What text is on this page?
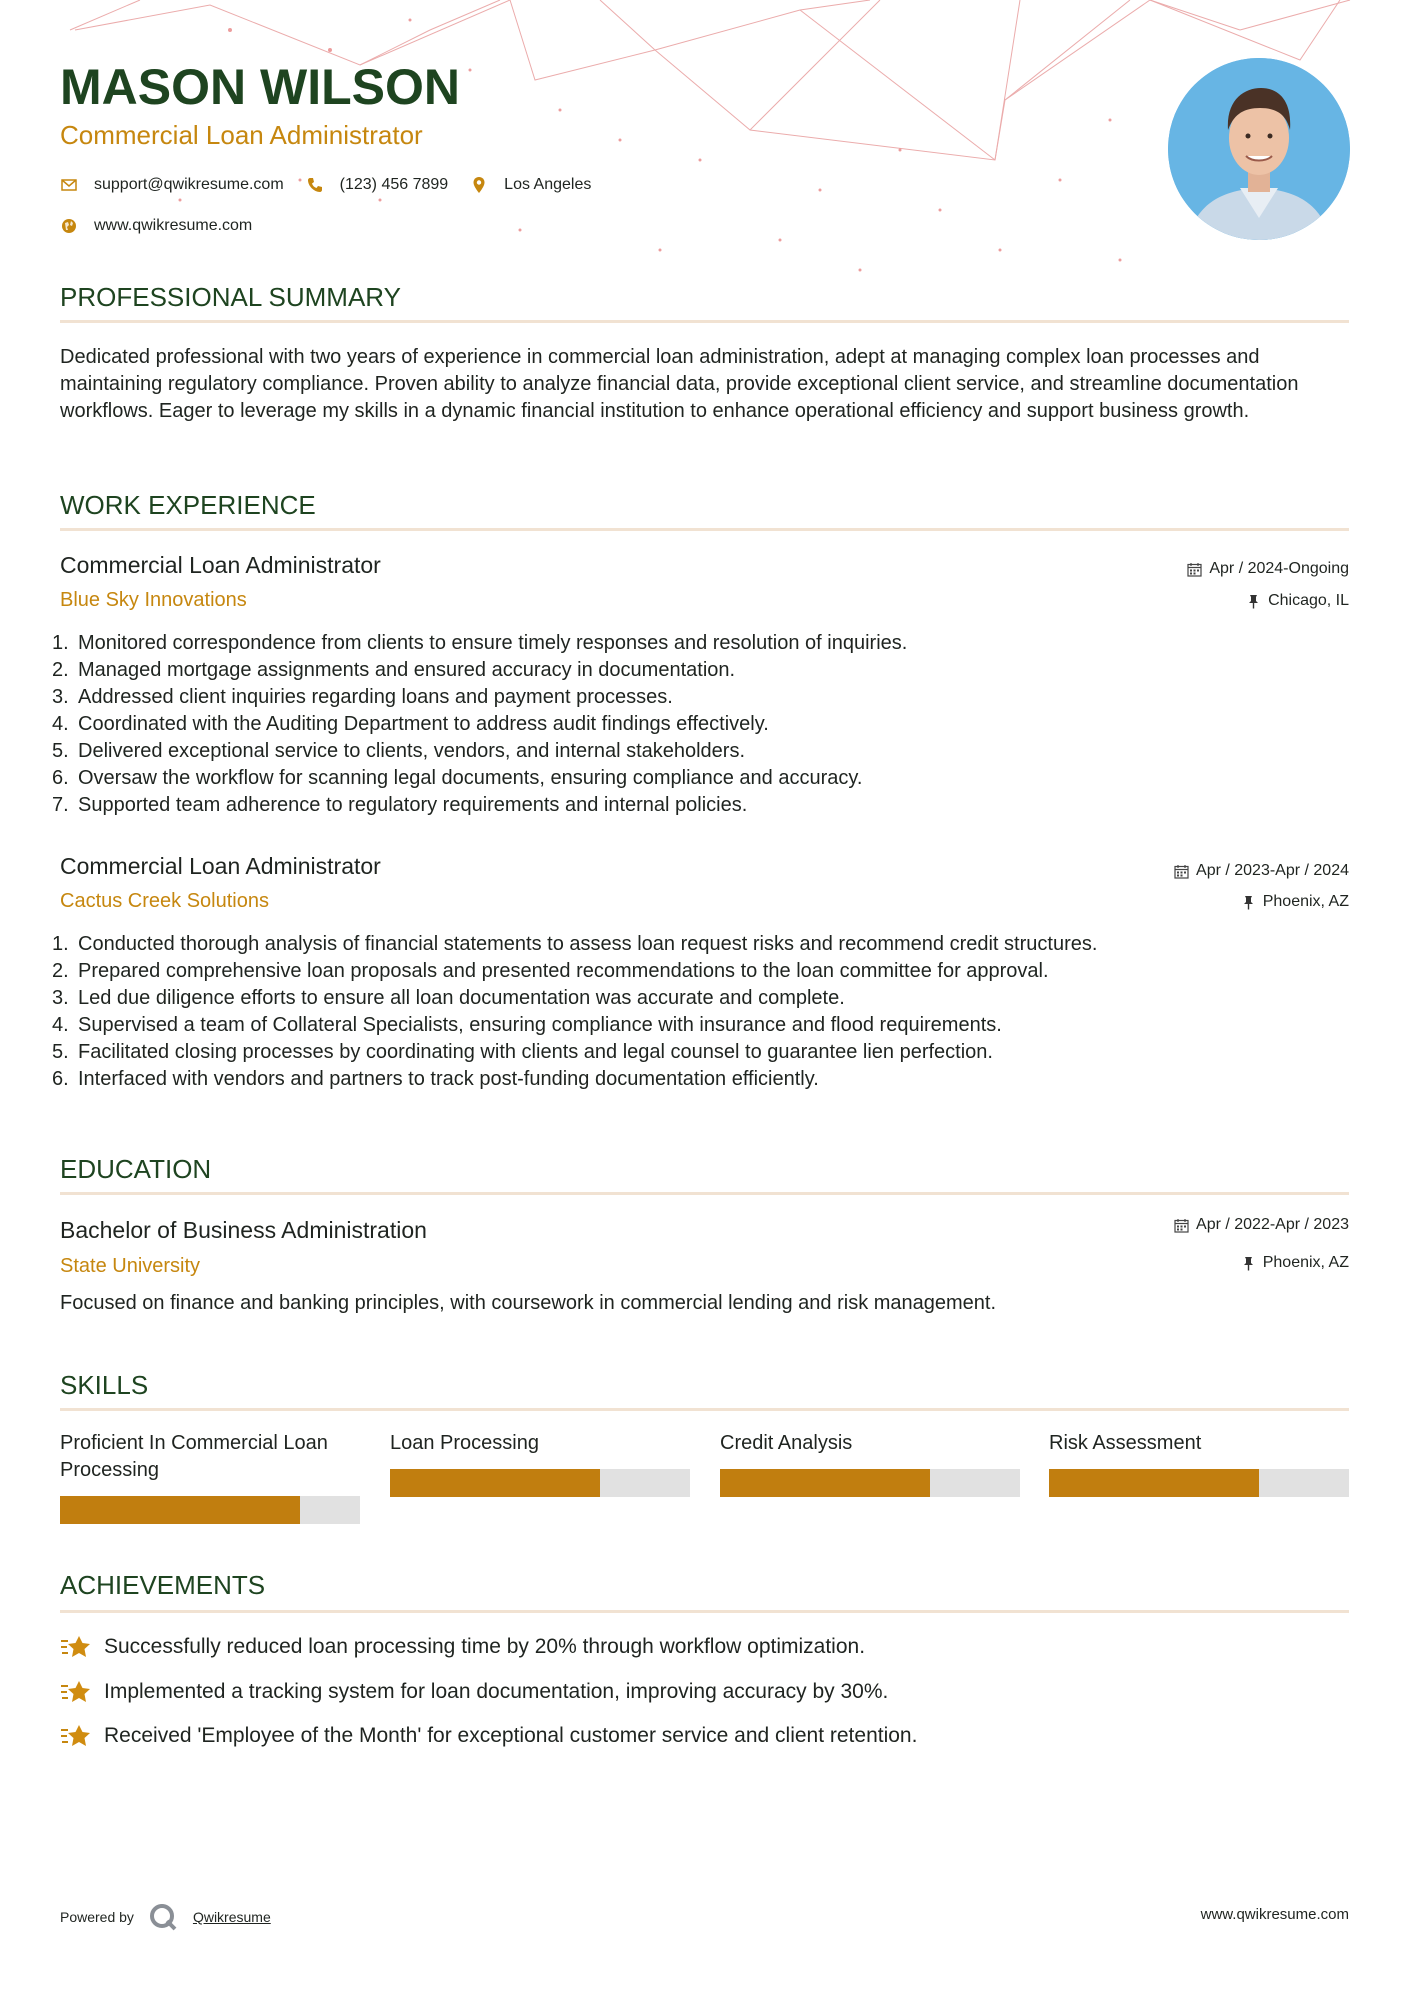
MASON WILSON
Commercial Loan Administrator
support@qwikresume.com	(123) 456 7899	Los Angeles
www.qwikresume.com
PROFESSIONAL SUMMARY
Dedicated professional with two years of experience in commercial loan administration, adept at managing complex loan processes and maintaining regulatory compliance. Proven ability to analyze financial data, provide exceptional client service, and streamline documentation workflows. Eager to leverage my skills in a dynamic financial institution to enhance operational efficiency and support business growth.
WORK EXPERIENCE
Commercial Loan Administrator
Blue Sky Innovations
Apr / 2024-Ongoing
Chicago, IL
1. Monitored correspondence from clients to ensure timely responses and resolution of inquiries.
2. Managed mortgage assignments and ensured accuracy in documentation.
3. Addressed client inquiries regarding loans and payment processes.
4. Coordinated with the Auditing Department to address audit findings effectively.
5. Delivered exceptional service to clients, vendors, and internal stakeholders.
6. Oversaw the workflow for scanning legal documents, ensuring compliance and accuracy.
7. Supported team adherence to regulatory requirements and internal policies.
Commercial Loan Administrator
Cactus Creek Solutions
Apr / 2023-Apr / 2024
Phoenix, AZ
1. Conducted thorough analysis of financial statements to assess loan request risks and recommend credit structures.
2. Prepared comprehensive loan proposals and presented recommendations to the loan committee for approval.
3. Led due diligence efforts to ensure all loan documentation was accurate and complete.
4. Supervised a team of Collateral Specialists, ensuring compliance with insurance and flood requirements.
5. Facilitated closing processes by coordinating with clients and legal counsel to guarantee lien perfection.
6. Interfaced with vendors and partners to track post-funding documentation efficiently.
EDUCATION
Bachelor of Business Administration
State University
Apr / 2022-Apr / 2023
Phoenix, AZ
Focused on finance and banking principles, with coursework in commercial lending and risk management.
SKILLS
Proficient In Commercial Loan Processing
Loan Processing	Credit Analysis	Risk Assessment
ACHIEVEMENTS
Successfully reduced loan processing time by 20% through workflow optimization.
Implemented a tracking system for loan documentation, improving accuracy by 30%.
Received 'Employee of the Month' for exceptional customer service and client retention.
Powered by	Qwikresume	www.qwikresume.com
